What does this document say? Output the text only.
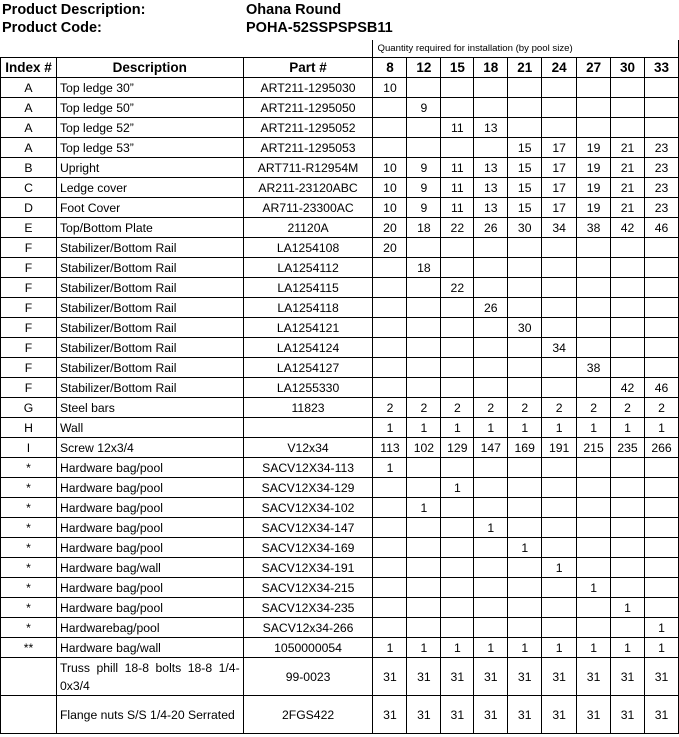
Product Description:	Ohana Round
Product Code:	POHA-52SSPSPSB11
			Quantity required for installation (by pool size)								
Index #	Description	Part #	8	12	15	18	21	24	27	30	33
A	Top ledge 30”	ART211-1295030	10								
A	Top ledge 50”	ART211-1295050		9							
A	Top ledge 52”	ART211-1295052			11	13					
A	Top ledge 53”	ART211-1295053					15	17	19	21	23
B	Upright	ART711-R12954M	10	9	11	13	15	17	19	21	23
C	Ledge cover	AR211-23120ABC	10	9	11	13	15	17	19	21	23
D	Foot Cover	AR711-23300AC	10	9	11	13	15	17	19	21	23
E	Top/Bottom Plate	21120A	20	18	22	26	30	34	38	42	46
F	Stabilizer/Bottom Rail	LA1254108	20								
F	Stabilizer/Bottom Rail	LA1254112		18							
F	Stabilizer/Bottom Rail	LA1254115			22						
F	Stabilizer/Bottom Rail	LA1254118				26					
F	Stabilizer/Bottom Rail	LA1254121					30				
F	Stabilizer/Bottom Rail	LA1254124						34			
F	Stabilizer/Bottom Rail	LA1254127							38		
F	Stabilizer/Bottom Rail	LA1255330								42	46
G	Steel bars	11823	2	2	2	2	2	2	2	2	2
H	Wall		1	1	1	1	1	1	1	1	1
I	Screw 12x3/4	V12x34	113	102	129	147	169	191	215	235	266
*	Hardware bag/pool	SACV12X34-113	1								
*	Hardware bag/pool	SACV12X34-129			1						
*	Hardware bag/pool	SACV12X34-102		1							
*	Hardware bag/pool	SACV12X34-147				1					
*	Hardware bag/pool	SACV12X34-169					1				
*	Hardware bag/wall	SACV12X34-191						1			
*	Hardware bag/pool	SACV12X34-215							1		
*	Hardware bag/pool	SACV12X34-235								1	
*	Hardwarebag/pool	SACV12x34-266									1
**	Hardware bag/wall	1050000054	1	1	1	1	1	1	1	1	1
	Truss phill 18-8 bolts 18-8 1/4-0x3/4	99-0023	31	31	31	31	31	31	31	31	31
	Flange nuts S/S 1/4-20 Serrated	2FGS422	31	31	31	31	31	31	31	31	31
